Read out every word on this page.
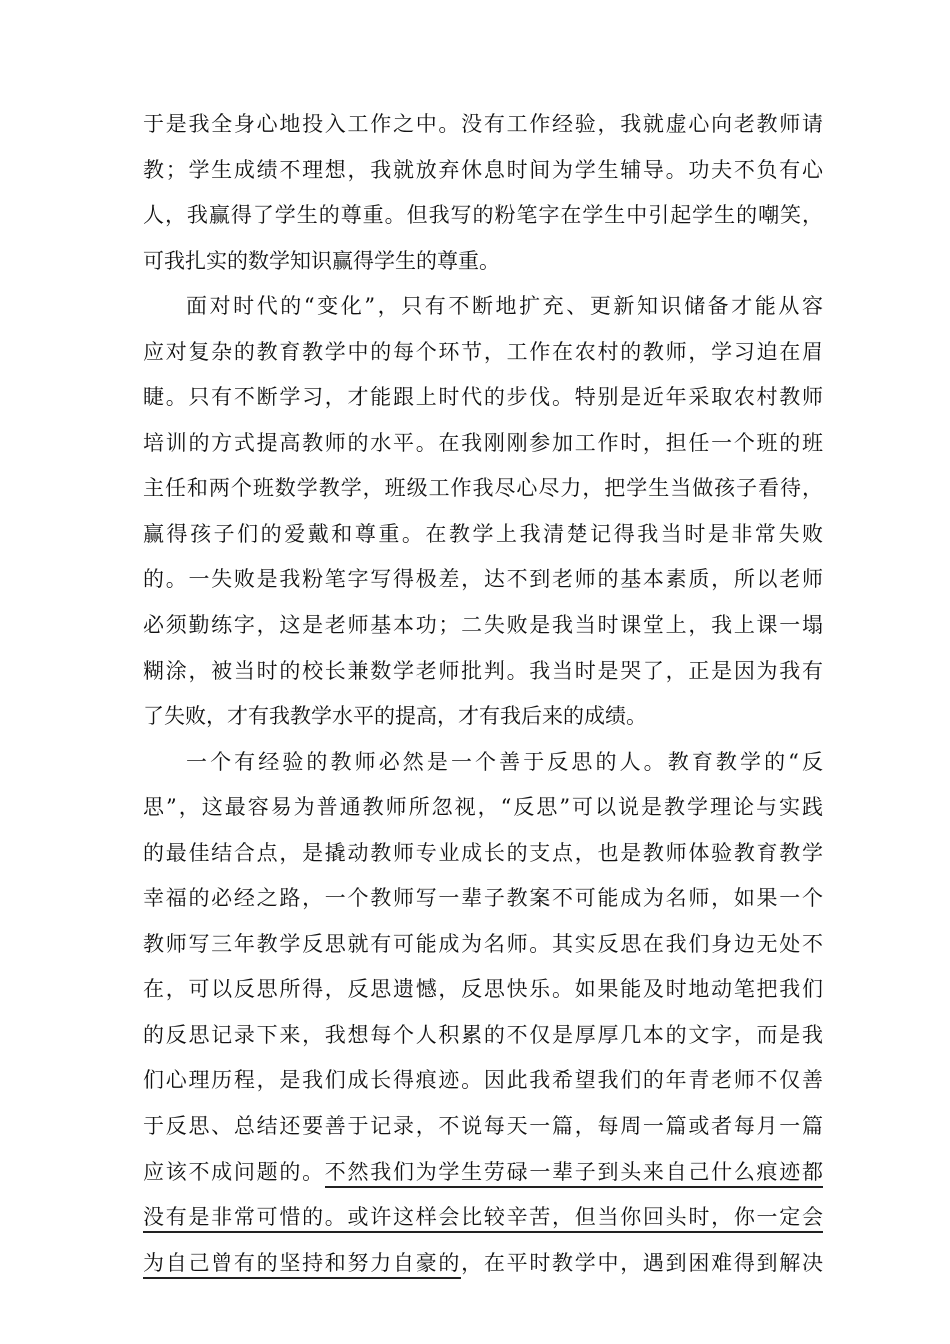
于是我全身心地投入工作之中。没有工作经验，我就虚心向老教师请
教；学生成绩不理想，我就放弃休息时间为学生辅导。功夫不负有心
人，我赢得了学生的尊重。但我写的粉笔字在学生中引起学生的嘲笑，
可我扎实的数学知识赢得学生的尊重。
面对时代的“变化”，只有不断地扩充、更新知识储备才能从容
应对复杂的教育教学中的每个环节，工作在农村的教师，学习迫在眉
睫。只有不断学习，才能跟上时代的步伐。特别是近年采取农村教师
培训的方式提高教师的水平。在我刚刚参加工作时，担任一个班的班
主任和两个班数学教学，班级工作我尽心尽力，把学生当做孩子看待，
赢得孩子们的爱戴和尊重。在教学上我清楚记得我当时是非常失败
的。一失败是我粉笔字写得极差，达不到老师的基本素质，所以老师
必须勤练字，这是老师基本功；二失败是我当时课堂上，我上课一塌
糊涂，被当时的校长兼数学老师批判。我当时是哭了，正是因为我有
了失败，才有我教学水平的提高，才有我后来的成绩。
一个有经验的教师必然是一个善于反思的人。教育教学的“反
思”，这最容易为普通教师所忽视，“反思”可以说是教学理论与实践
的最佳结合点，是撬动教师专业成长的支点，也是教师体验教育教学
幸福的必经之路，一个教师写一辈子教案不可能成为名师，如果一个
教师写三年教学反思就有可能成为名师。其实反思在我们身边无处不
在，可以反思所得，反思遗憾，反思快乐。如果能及时地动笔把我们
的反思记录下来，我想每个人积累的不仅是厚厚几本的文字，而是我
们心理历程，是我们成长得痕迹。因此我希望我们的年青老师不仅善
于反思、总结还要善于记录，不说每天一篇，每周一篇或者每月一篇
应该不成问题的。不然我们为学生劳碌一辈子到头来自己什么痕迹都
没有是非常可惜的。或许这样会比较辛苦，但当你回头时，你一定会
为自己曾有的坚持和努力自豪的，在平时教学中，遇到困难得到解决
